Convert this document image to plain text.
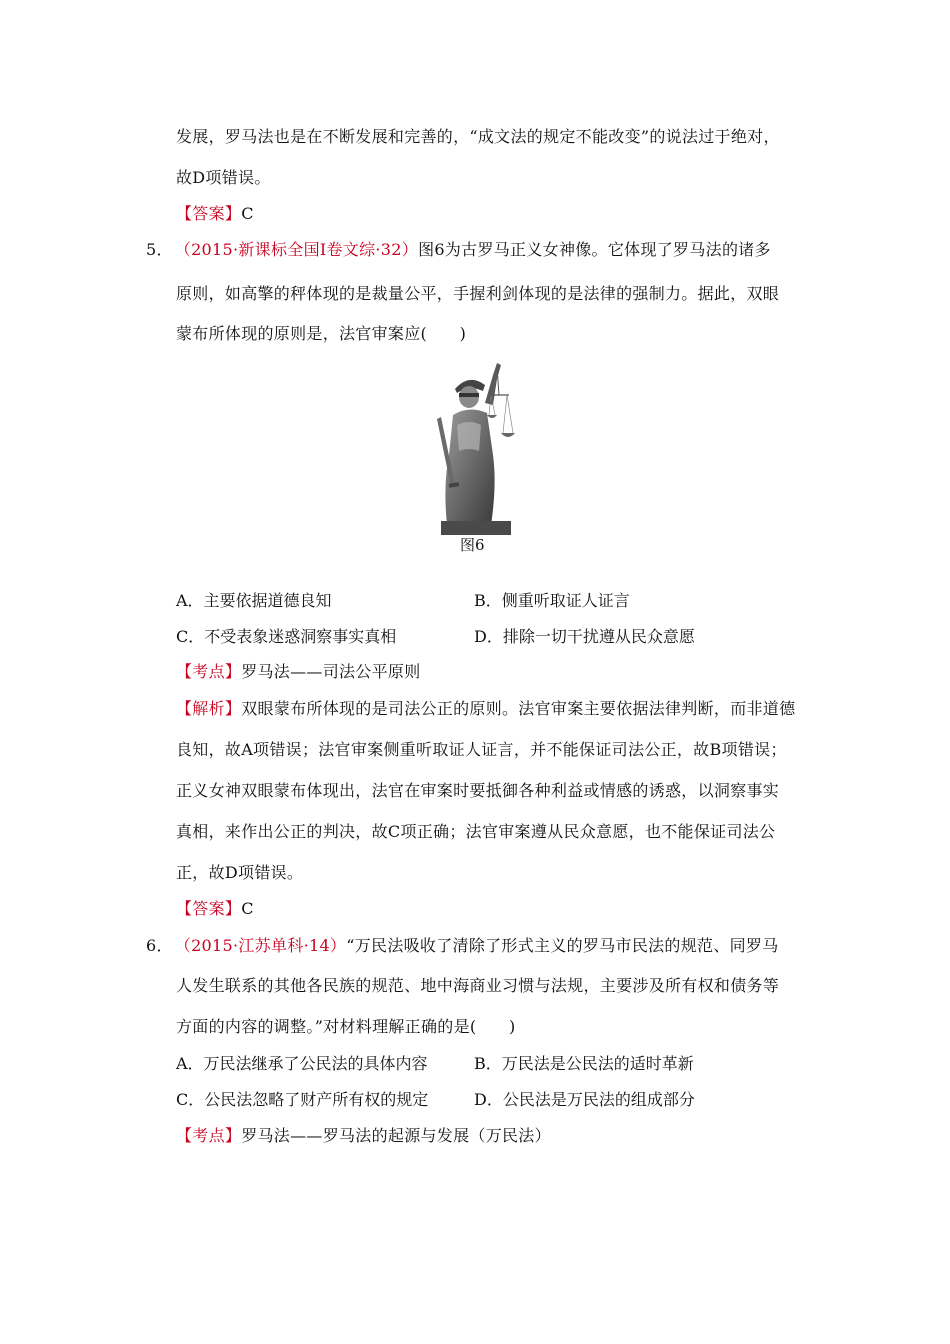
发展，罗马法也是在不断发展和完善的，“成文法的规定不能改变”的说法过于绝对，
故D项错误。
【答案】C
5． （2015·新课标全国Ⅰ卷文综·32）图6为古罗马正义女神像。它体现了罗马法的诸多
原则，如高擎的秤体现的是裁量公平，手握利剑体现的是法律的强制力。据此，双眼
蒙布所体现的原则是，法官审案应(　　)
图6
A．主要依据道德良知	B．侧重听取证人证言
C．不受表象迷惑洞察事实真相	D．排除一切干扰遵从民众意愿
【考点】罗马法——司法公平原则
【解析】双眼蒙布所体现的是司法公正的原则。法官审案主要依据法律判断，而非道德
良知，故A项错误；法官审案侧重听取证人证言，并不能保证司法公正，故B项错误；
正义女神双眼蒙布体现出，法官在审案时要抵御各种利益或情感的诱惑，以洞察事实
真相，来作出公正的判决，故C项正确；法官审案遵从民众意愿，也不能保证司法公
正，故D项错误。
【答案】C
6． （2015·江苏单科·14）“万民法吸收了清除了形式主义的罗马市民法的规范、同罗马
人发生联系的其他各民族的规范、地中海商业习惯与法规，主要涉及所有权和债务等
方面的内容的调整。”对材料理解正确的是(　　)
A．万民法继承了公民法的具体内容	B．万民法是公民法的适时革新
C．公民法忽略了财产所有权的规定	D．公民法是万民法的组成部分
【考点】罗马法——罗马法的起源与发展（万民法）
